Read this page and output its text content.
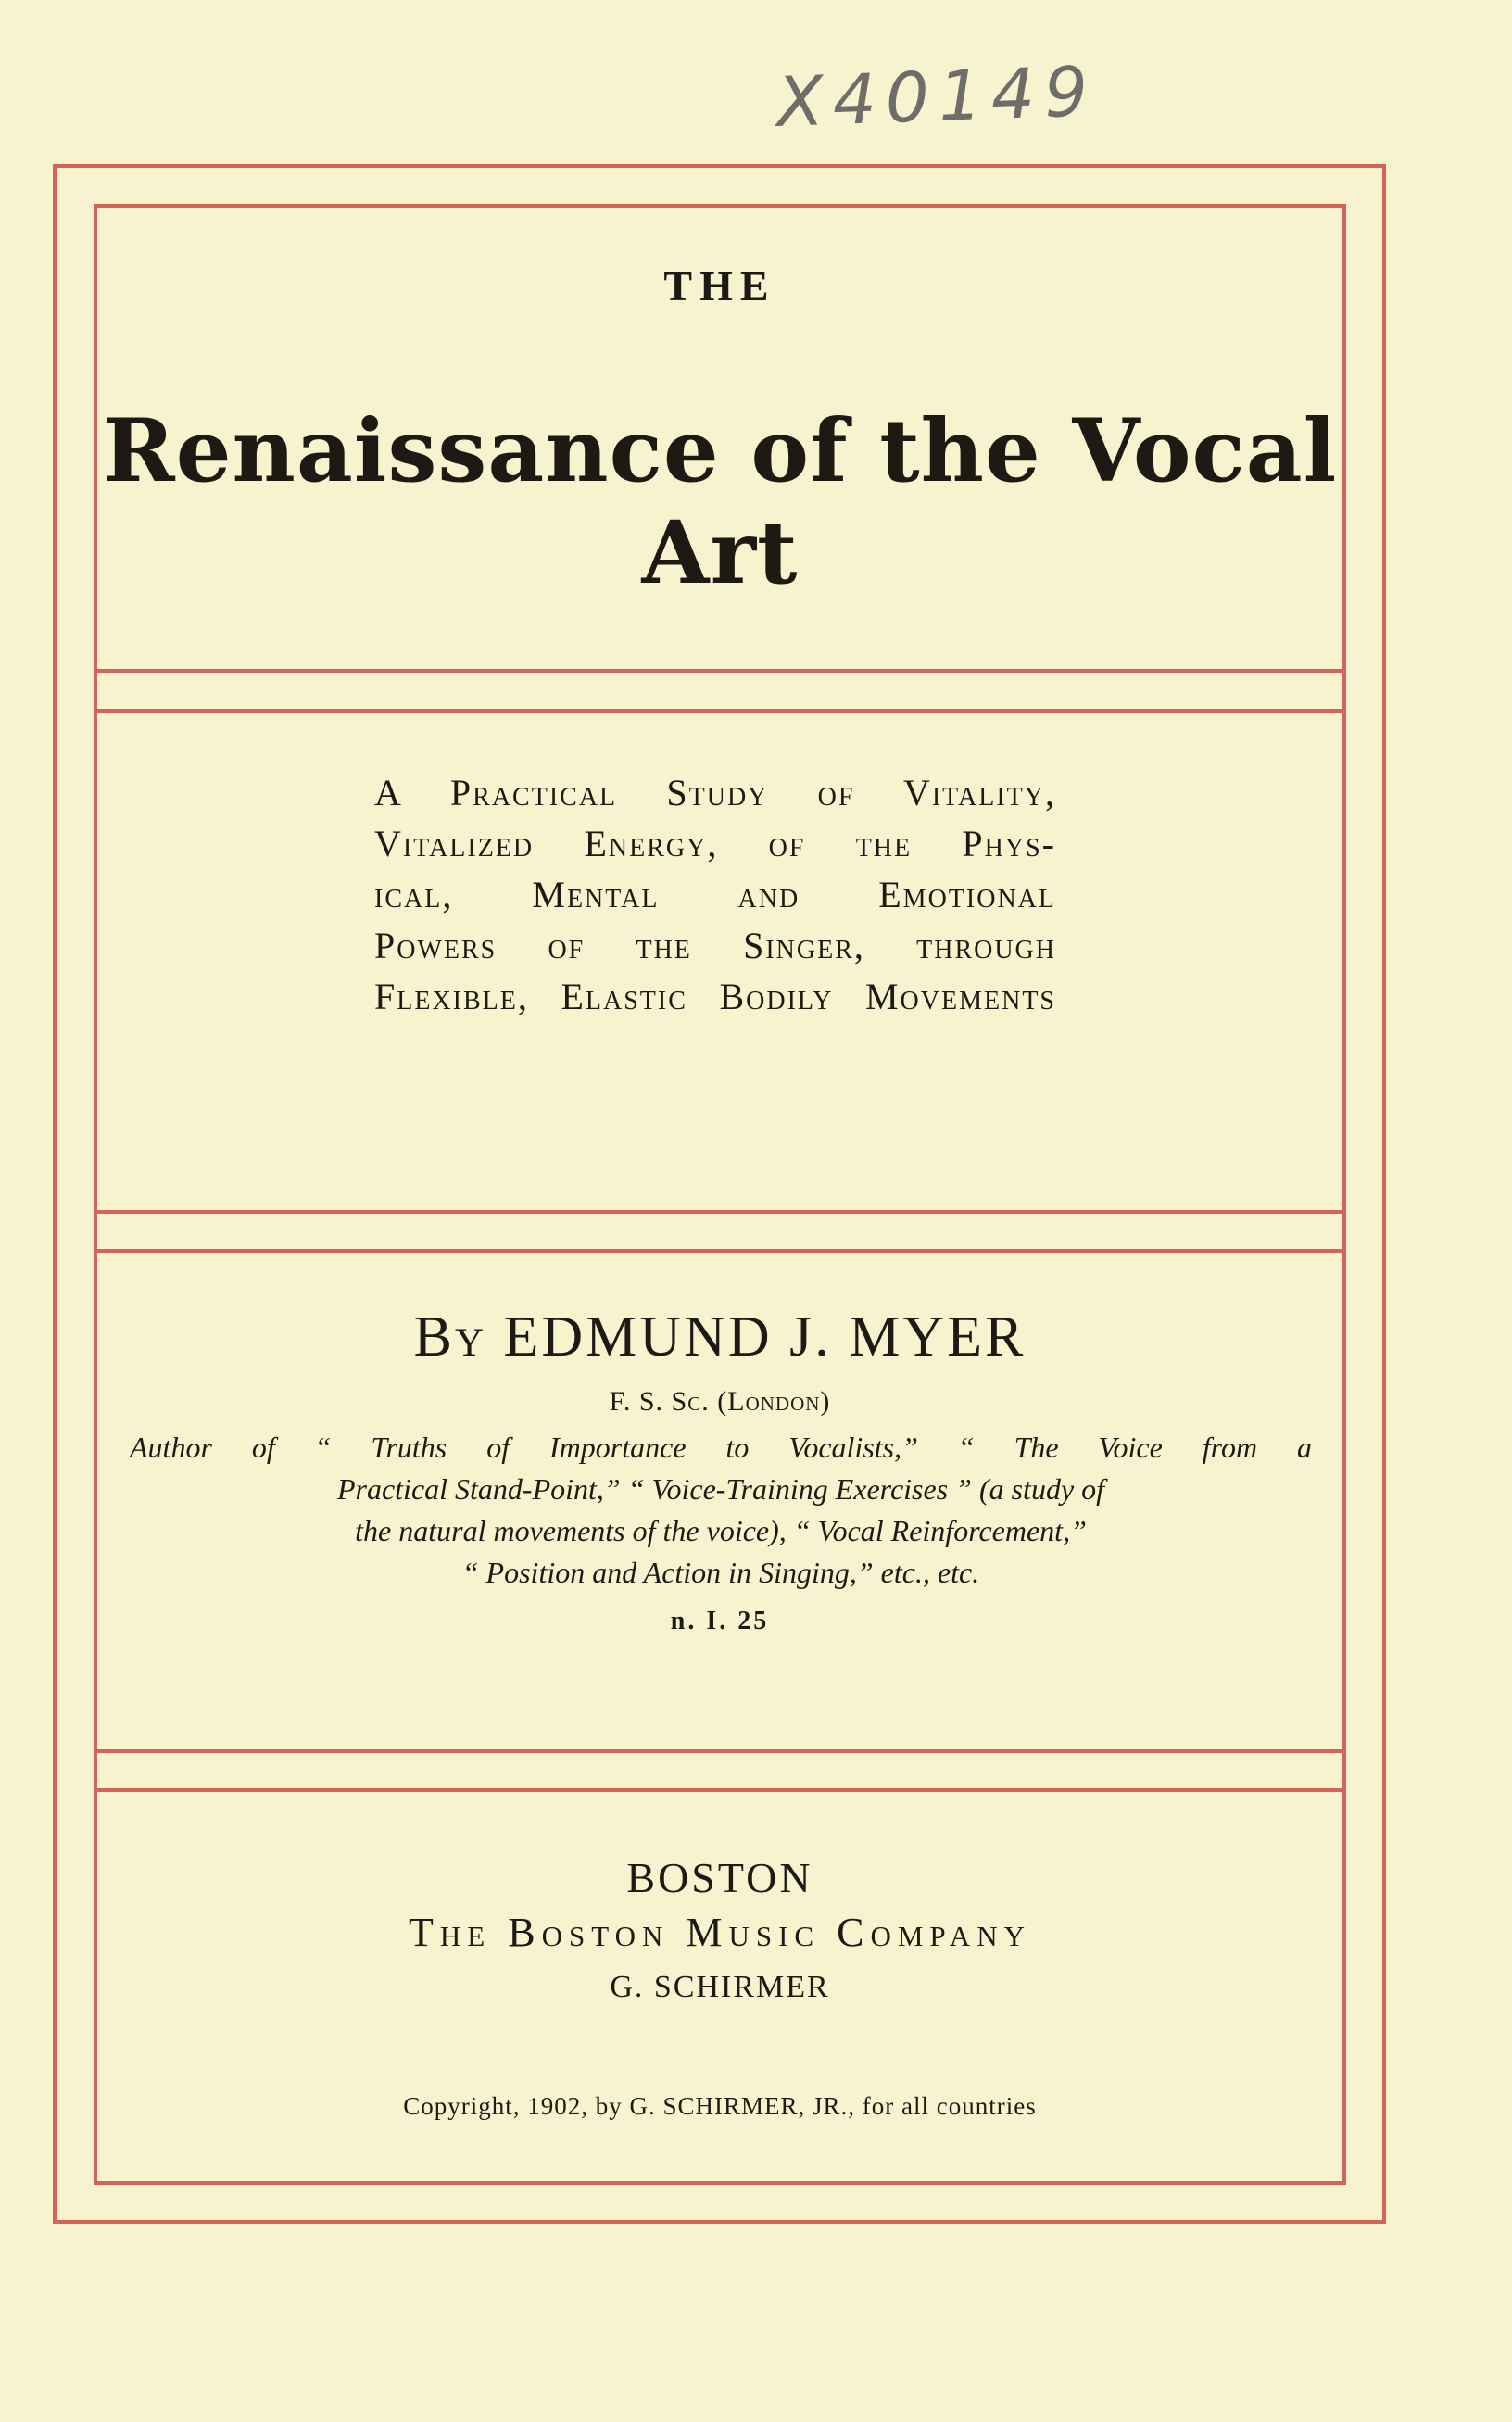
X40149
THE
Renaissance of the Vocal Art
A Practical Study of Vitality,
Vitalized Energy, of the Phys-
ical, Mental and Emotional
Powers of the Singer, through
Flexible, Elastic Bodily Movements
By EDMUND J. MYER
F. S. Sc. (London)
Author of “ Truths of Importance to Vocalists,” “ The Voice from a
Practical Stand-Point,” “ Voice-Training Exercises ” (a study of
the natural movements of the voice), “ Vocal Reinforcement,”
“ Position and Action in Singing,” etc., etc.
n. I. 25
BOSTON
The Boston Music Company
G. SCHIRMER
Copyright, 1902, by G. SCHIRMER, JR., for all countries
